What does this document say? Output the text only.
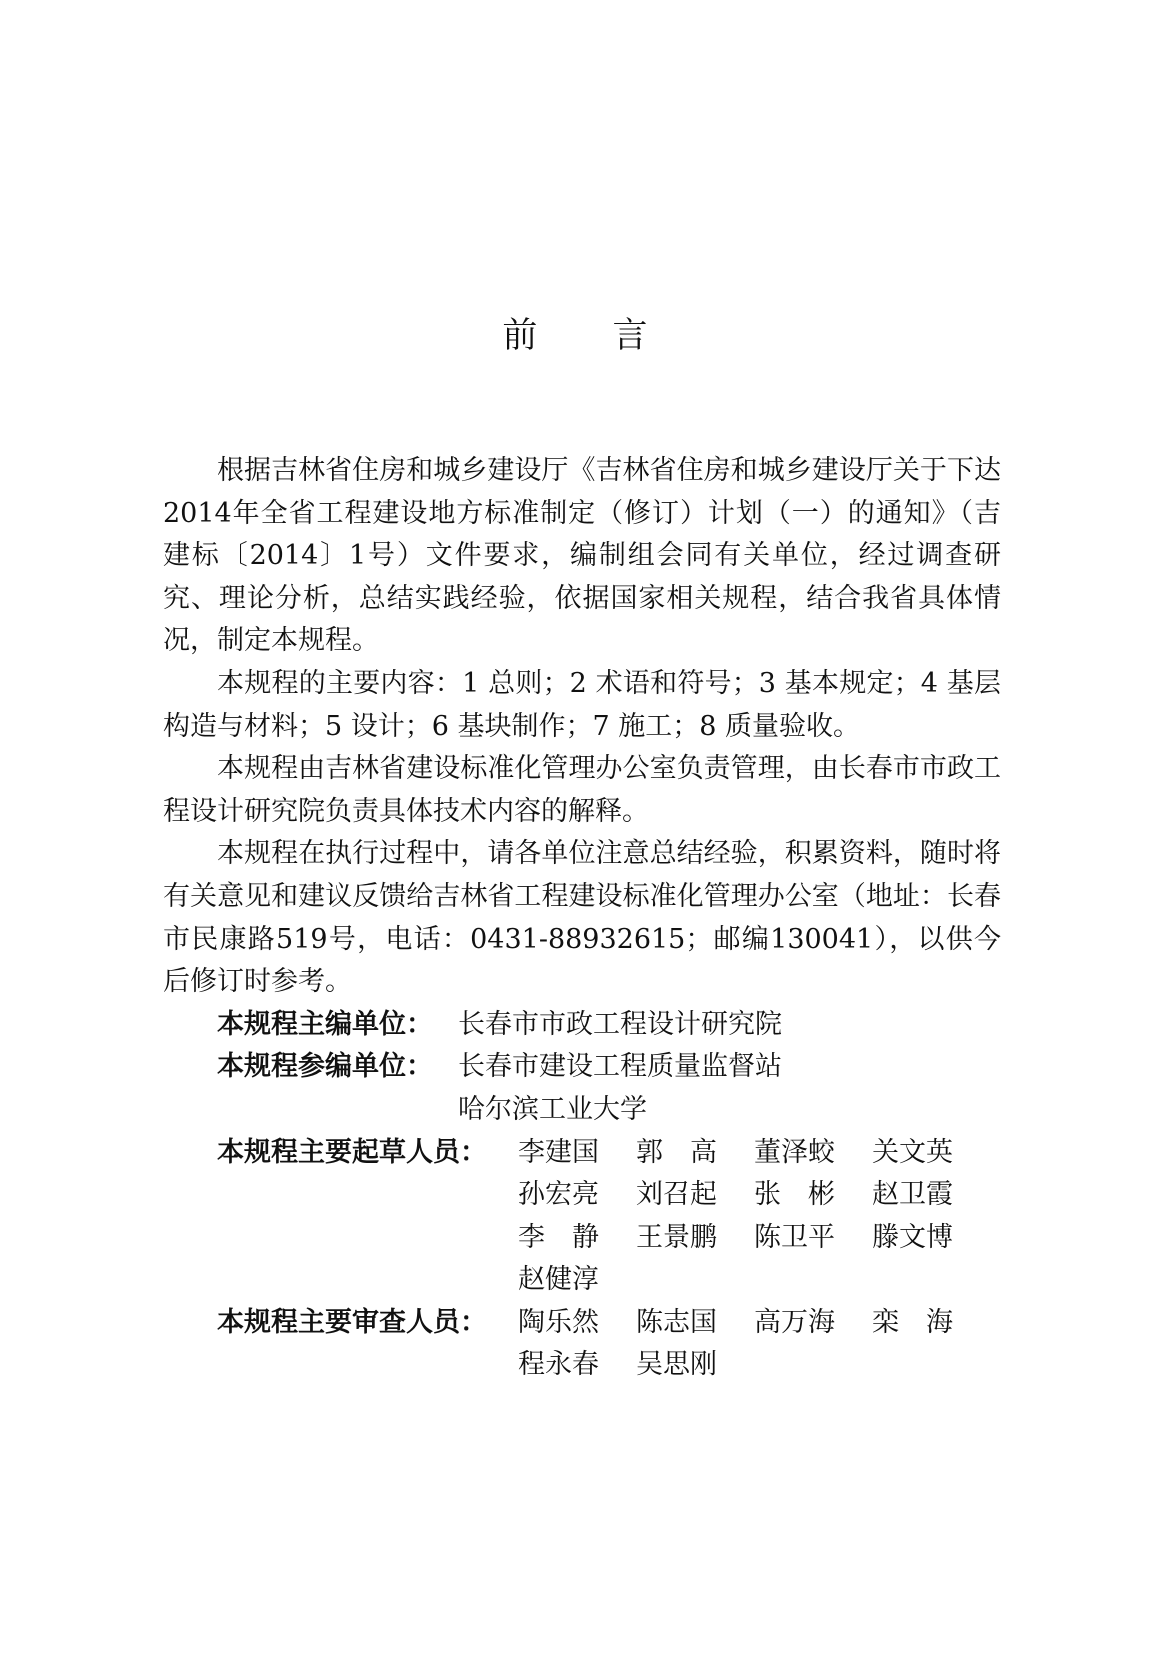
前 言

根据吉林省住房和城乡建设厅《吉林省住房和城乡建设厅关于下达2014年全省工程建设地方标准制定（修订）计划（一）的通知》（吉建标〔2014〕1号）文件要求，编制组会同有关单位，经过调查研究、理论分析，总结实践经验，依据国家相关规程，结合我省具体情况，制定本规程。

本规程的主要内容：1 总则；2 术语和符号；3 基本规定；4 基层构造与材料；5 设计；6 基块制作；7 施工；8 质量验收。

本规程由吉林省建设标准化管理办公室负责管理，由长春市市政工程设计研究院负责具体技术内容的解释。

本规程在执行过程中，请各单位注意总结经验，积累资料，随时将有关意见和建议反馈给吉林省工程建设标准化管理办公室（地址：长春市民康路519号，电话：0431-88932615；邮编130041），以供今后修订时参考。

本规程主编单位： 长春市市政工程设计研究院
本规程参编单位： 长春市建设工程质量监督站
哈尔滨工业大学
本规程主要起草人员：	李建国	郭　高	董泽蛟	关文英
孙宏亮	刘召起	张　彬	赵卫霞
李　静	王景鹏	陈卫平	滕文博
赵健淳
本规程主要审查人员：	陶乐然	陈志国	高万海	栾　海
程永春	吴思刚
